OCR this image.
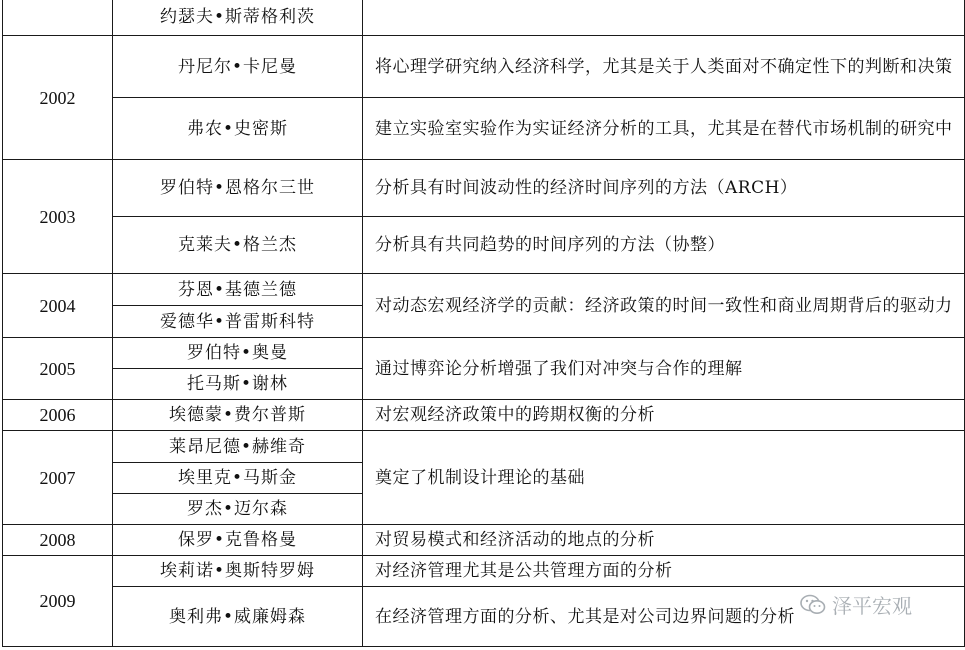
	约瑟夫•斯蒂格利茨	
2002	丹尼尔•卡尼曼	将心理学研究纳入经济科学，尤其是关于人类面对不确定性下的判断和决策
	弗农•史密斯	建立实验室实验作为实证经济分析的工具，尤其是在替代市场机制的研究中
2003	罗伯特•恩格尔三世	分析具有时间波动性的经济时间序列的方法（ARCH）
	克莱夫•格兰杰	分析具有共同趋势的时间序列的方法（协整）
2004	芬恩•基德兰德	对动态宏观经济学的贡献：经济政策的时间一致性和商业周期背后的驱动力
	爱德华•普雷斯科特	
2005	罗伯特•奥曼	通过博弈论分析增强了我们对冲突与合作的理解
	托马斯•谢林	
2006	埃德蒙•费尔普斯	对宏观经济政策中的跨期权衡的分析
2007	莱昂尼德•赫维奇	奠定了机制设计理论的基础
	埃里克•马斯金	
	罗杰•迈尔森	
2008	保罗•克鲁格曼	对贸易模式和经济活动的地点的分析
2009	埃莉诺•奥斯特罗姆	对经济管理尤其是公共管理方面的分析
	奥利弗•威廉姆森	在经济管理方面的分析、尤其是对公司边界问题的分析 泽平宏观
